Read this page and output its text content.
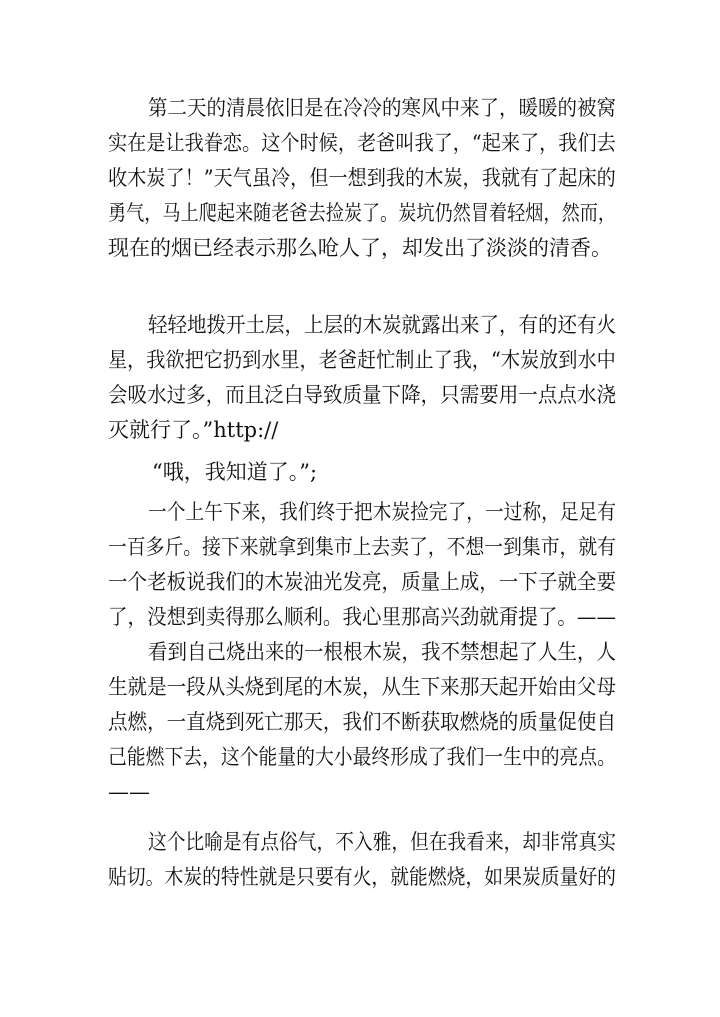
第二天的清晨依旧是在冷冷的寒风中来了，暖暖的被窝
实在是让我眷恋。这个时候，老爸叫我了，“起来了，我们去
收木炭了！”天气虽冷，但一想到我的木炭，我就有了起床的
勇气，马上爬起来随老爸去捡炭了。炭坑仍然冒着轻烟，然而，
现在的烟已经表示那么呛人了，却发出了淡淡的清香。
轻轻地拨开土层，上层的木炭就露出来了，有的还有火
星，我欲把它扔到水里，老爸赶忙制止了我，“木炭放到水中
会吸水过多，而且泛白导致质量下降，只需要用一点点水浇
灭就行了。”http://
“哦，我知道了。”;
一个上午下来，我们终于把木炭捡完了，一过称，足足有
一百多斤。接下来就拿到集市上去卖了，不想一到集市，就有
一个老板说我们的木炭油光发亮，质量上成，一下子就全要
了，没想到卖得那么顺利。我心里那高兴劲就甭提了。——
看到自己烧出来的一根根木炭，我不禁想起了人生，人
生就是一段从头烧到尾的木炭，从生下来那天起开始由父母
点燃，一直烧到死亡那天，我们不断获取燃烧的质量促使自
己能燃下去，这个能量的大小最终形成了我们一生中的亮点。
——
这个比喻是有点俗气，不入雅，但在我看来，却非常真实
贴切。木炭的特性就是只要有火，就能燃烧，如果炭质量好的
